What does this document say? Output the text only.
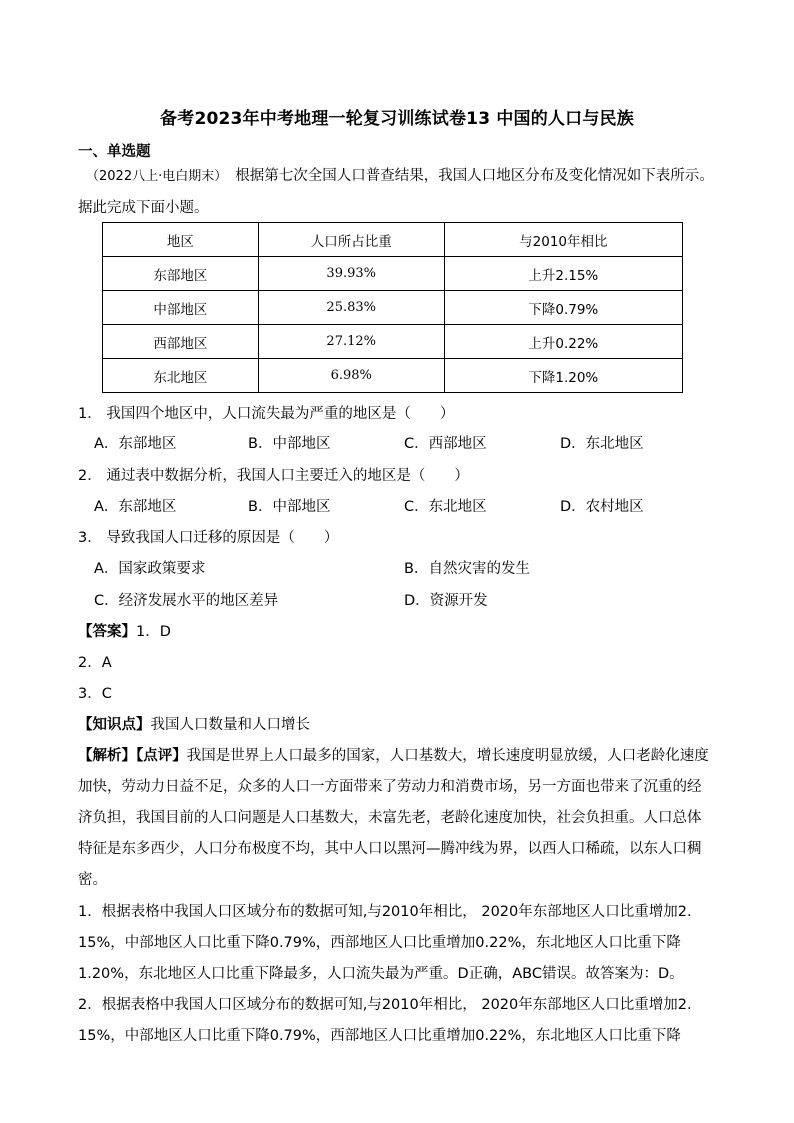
备考2023年中考地理一轮复习训练试卷13 中国的人口与民族
一、单选题
（2022八上·电白期末） 根据第七次全国人口普查结果，我国人口地区分布及变化情况如下表所示。
据此完成下面小题。
地区	人口所占比重	与2010年相比
东部地区	39.93%	上升2.15%
中部地区	25.83%	下降0.79%
西部地区	27.12%	上升0.22%
东北地区	6.98%	下降1.20%
1． 我国四个地区中，人口流失最为严重的地区是（　　）
A．东部地区	B．中部地区	C．西部地区	D．东北地区
2． 通过表中数据分析，我国人口主要迁入的地区是（　　）
A．东部地区	B．中部地区	C．东北地区	D．农村地区
3． 导致我国人口迁移的原因是（　　）
A．国家政策要求	B．自然灾害的发生
C．经济发展水平的地区差异	D．资源开发
【答案】1．D
2．A
3．C
【知识点】我国人口数量和人口增长
【解析】【点评】我国是世界上人口最多的国家，人口基数大，增长速度明显放缓，人口老龄化速度
加快，劳动力日益不足，众多的人口一方面带来了劳动力和消费市场，另一方面也带来了沉重的经
济负担，我国目前的人口问题是人口基数大，未富先老，老龄化速度加快，社会负担重。人口总体
特征是东多西少，人口分布极度不均，其中人口以黑河—腾冲线为界，以西人口稀疏，以东人口稠
密。
1．根据表格中我国人口区域分布的数据可知,与2010年相比， 2020年东部地区人口比重增加2.
15%，中部地区人口比重下降0.79%，西部地区人口比重增加0.22%，东北地区人口比重下降
1.20%，东北地区人口比重下降最多，人口流失最为严重。D正确，ABC错误。故答案为：D。
2．根据表格中我国人口区域分布的数据可知,与2010年相比， 2020年东部地区人口比重增加2.
15%，中部地区人口比重下降0.79%，西部地区人口比重增加0.22%，东北地区人口比重下降
